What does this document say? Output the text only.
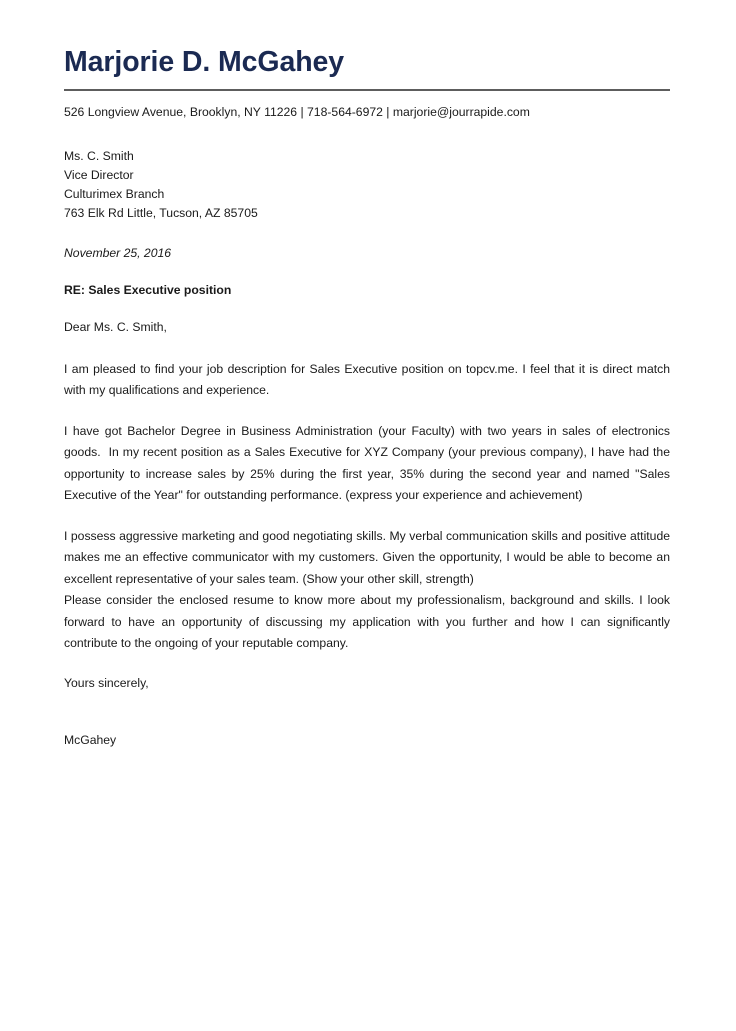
Marjorie D. McGahey
526 Longview Avenue, Brooklyn, NY 11226 | 718-564-6972 | marjorie@jourrapide.com
Ms. C. Smith
Vice Director
Culturimex Branch
763 Elk Rd Little, Tucson, AZ 85705
November 25, 2016
RE: Sales Executive position
Dear Ms. C. Smith,

I am pleased to find your job description for Sales Executive position on topcv.me. I feel that it is direct match with my qualifications and experience.

I have got Bachelor Degree in Business Administration (your Faculty) with two years in sales of electronics goods.  In my recent position as a Sales Executive for XYZ Company (your previous company), I have had the opportunity to increase sales by 25% during the first year, 35% during the second year and named "Sales Executive of the Year" for outstanding performance. (express your experience and achievement)

I possess aggressive marketing and good negotiating skills. My verbal communication skills and positive attitude makes me an effective communicator with my customers. Given the opportunity, I would be able to become an excellent representative of your sales team. (Show your other skill, strength)

Please consider the enclosed resume to know more about my professionalism, background and skills. I look forward to have an opportunity of discussing my application with you further and how I can significantly contribute to the ongoing of your reputable company.

Yours sincerely,
McGahey
